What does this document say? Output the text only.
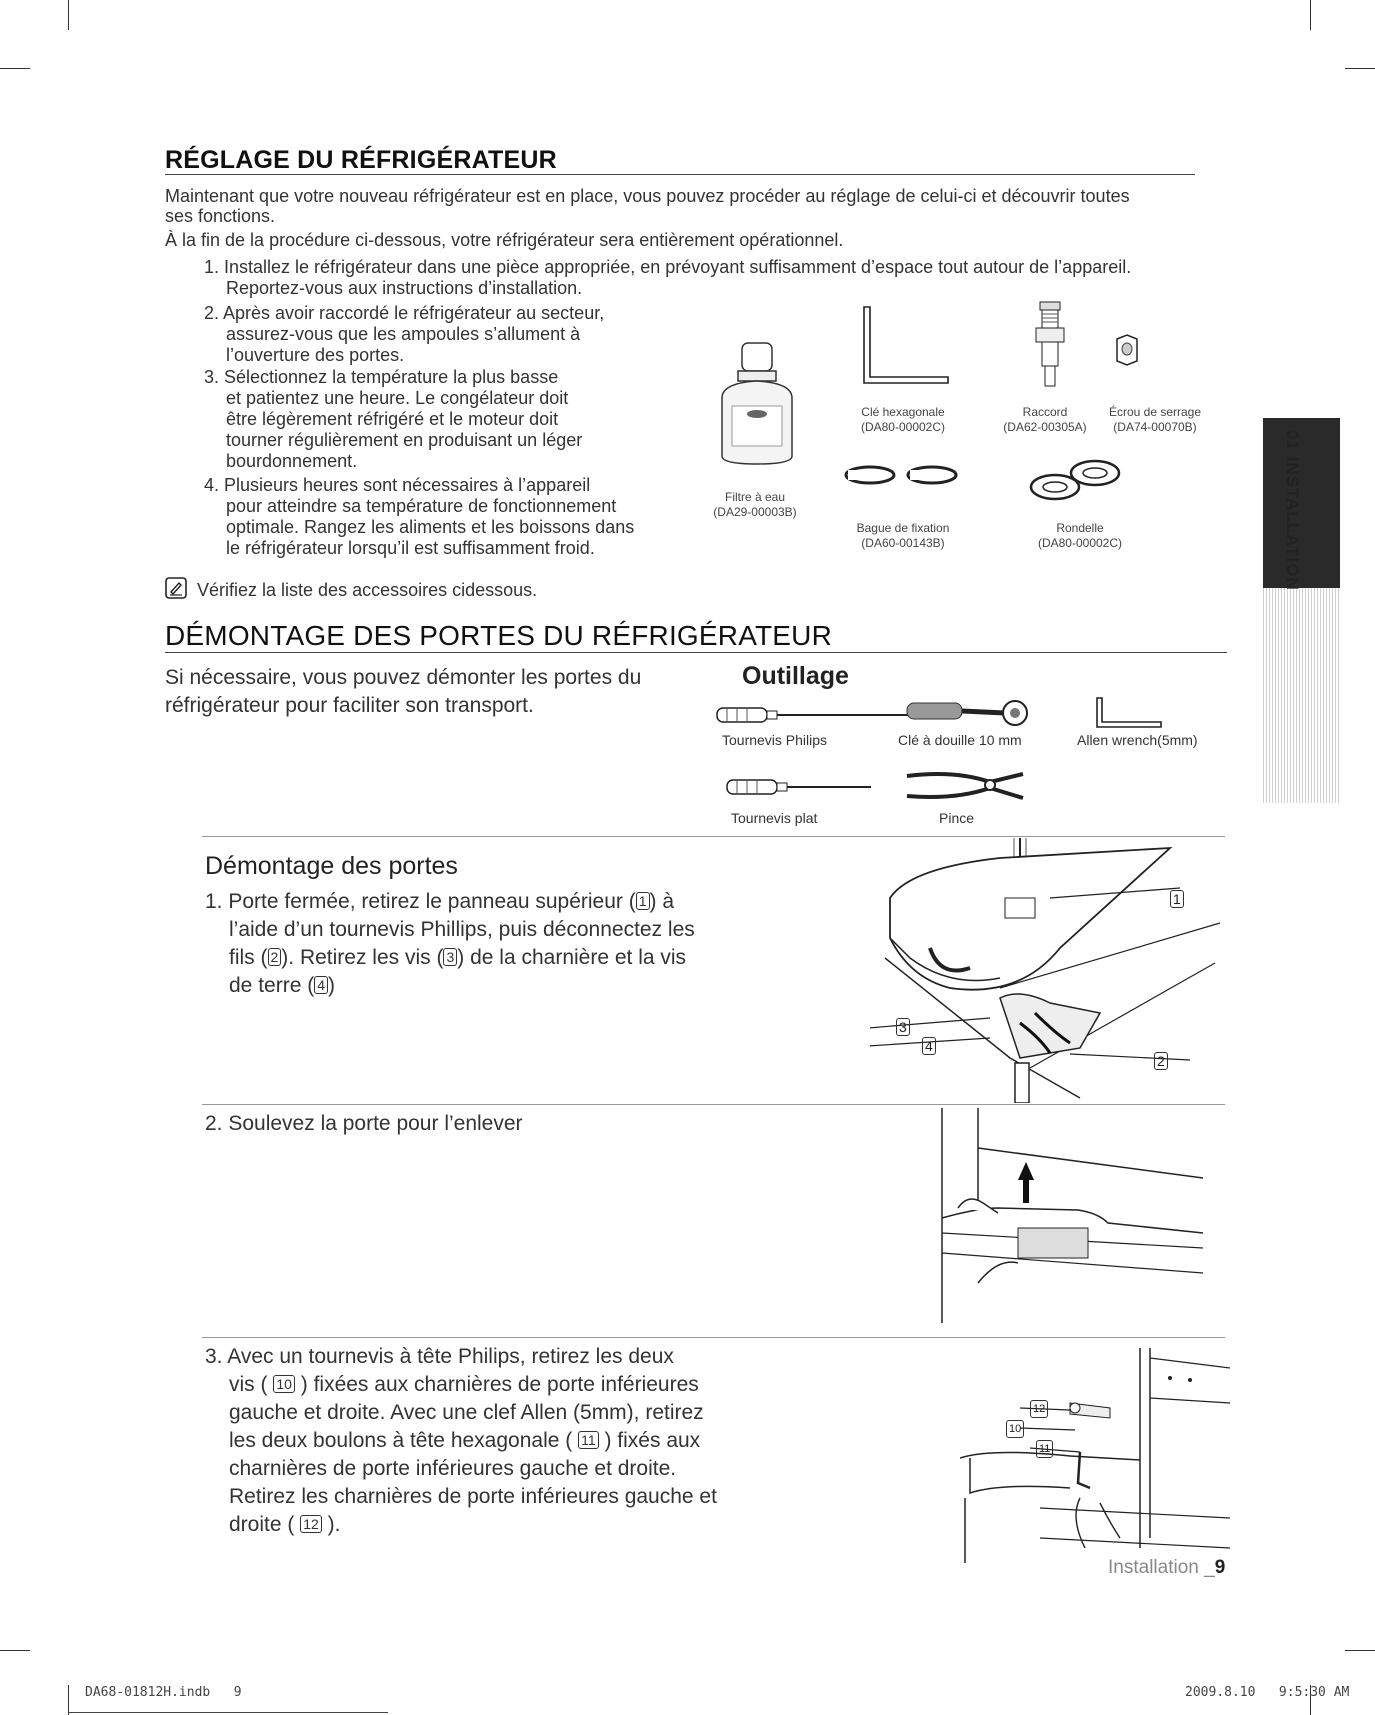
RÉGLAGE DU RÉFRIGÉRATEUR
Maintenant que votre nouveau réfrigérateur est en place, vous pouvez procéder au réglage de celui-ci et découvrir toutes
ses fonctions.
À la fin de la procédure ci-dessous, votre réfrigérateur sera entièrement opérationnel.
1. Installez le réfrigérateur dans une pièce appropriée, en prévoyant suffisamment d’espace tout autour de l’appareil.
Reportez-vous aux instructions d’installation.
2. Après avoir raccordé le réfrigérateur au secteur,
assurez-vous que les ampoules s’allument à
l’ouverture des portes.
3. Sélectionnez la température la plus basse
et patientez une heure. Le congélateur doit
être légèrement réfrigéré et le moteur doit
tourner régulièrement en produisant un léger
bourdonnement.
4. Plusieurs heures sont nécessaires à l’appareil
pour atteindre sa température de fonctionnement
optimale. Rangez les aliments et les boissons dans
le réfrigérateur lorsqu’il est suffisamment froid.
Vérifiez la liste des accessoires cidessous.
Filtre à eau
(DA29-00003B)
Clé hexagonale
(DA80-00002C)
Raccord
(DA62-00305A)
Écrou de serrage
(DA74-00070B)
Bague de fixation
(DA60-00143B)
Rondelle
(DA80-00002C)	01 INSTALLATION
DÉMONTAGE DES PORTES DU RÉFRIGÉRATEUR
Si nécessaire, vous pouvez démonter les portes du
réfrigérateur pour faciliter son transport.
Outillage
Tournevis Philips	Clé à douille 10 mm	Allen wrench(5mm)
Tournevis plat	Pince
Démontage des portes
1. Porte fermée, retirez le panneau supérieur ( 1 ) à
l’aide d’un tournevis Phillips, puis déconnectez les
fils ( 2 ). Retirez les vis ( 3 ) de la charnière et la vis
de terre ( 4 )
1
3
4
2
2. Soulevez la porte pour l’enlever
3. Avec un tournevis à tête Philips, retirez les deux
vis ( 10 ) fixées aux charnières de porte inférieures
gauche et droite. Avec une clef Allen (5mm), retirez
les deux boulons à tête hexagonale ( 11 ) fixés aux
charnières de porte inférieures gauche et droite.
Retirez les charnières de porte inférieures gauche et
droite ( 12 ).
12
10
11
Installation _9
DA68-01812H.indb   9	2009.8.10   9:5:30 AM
